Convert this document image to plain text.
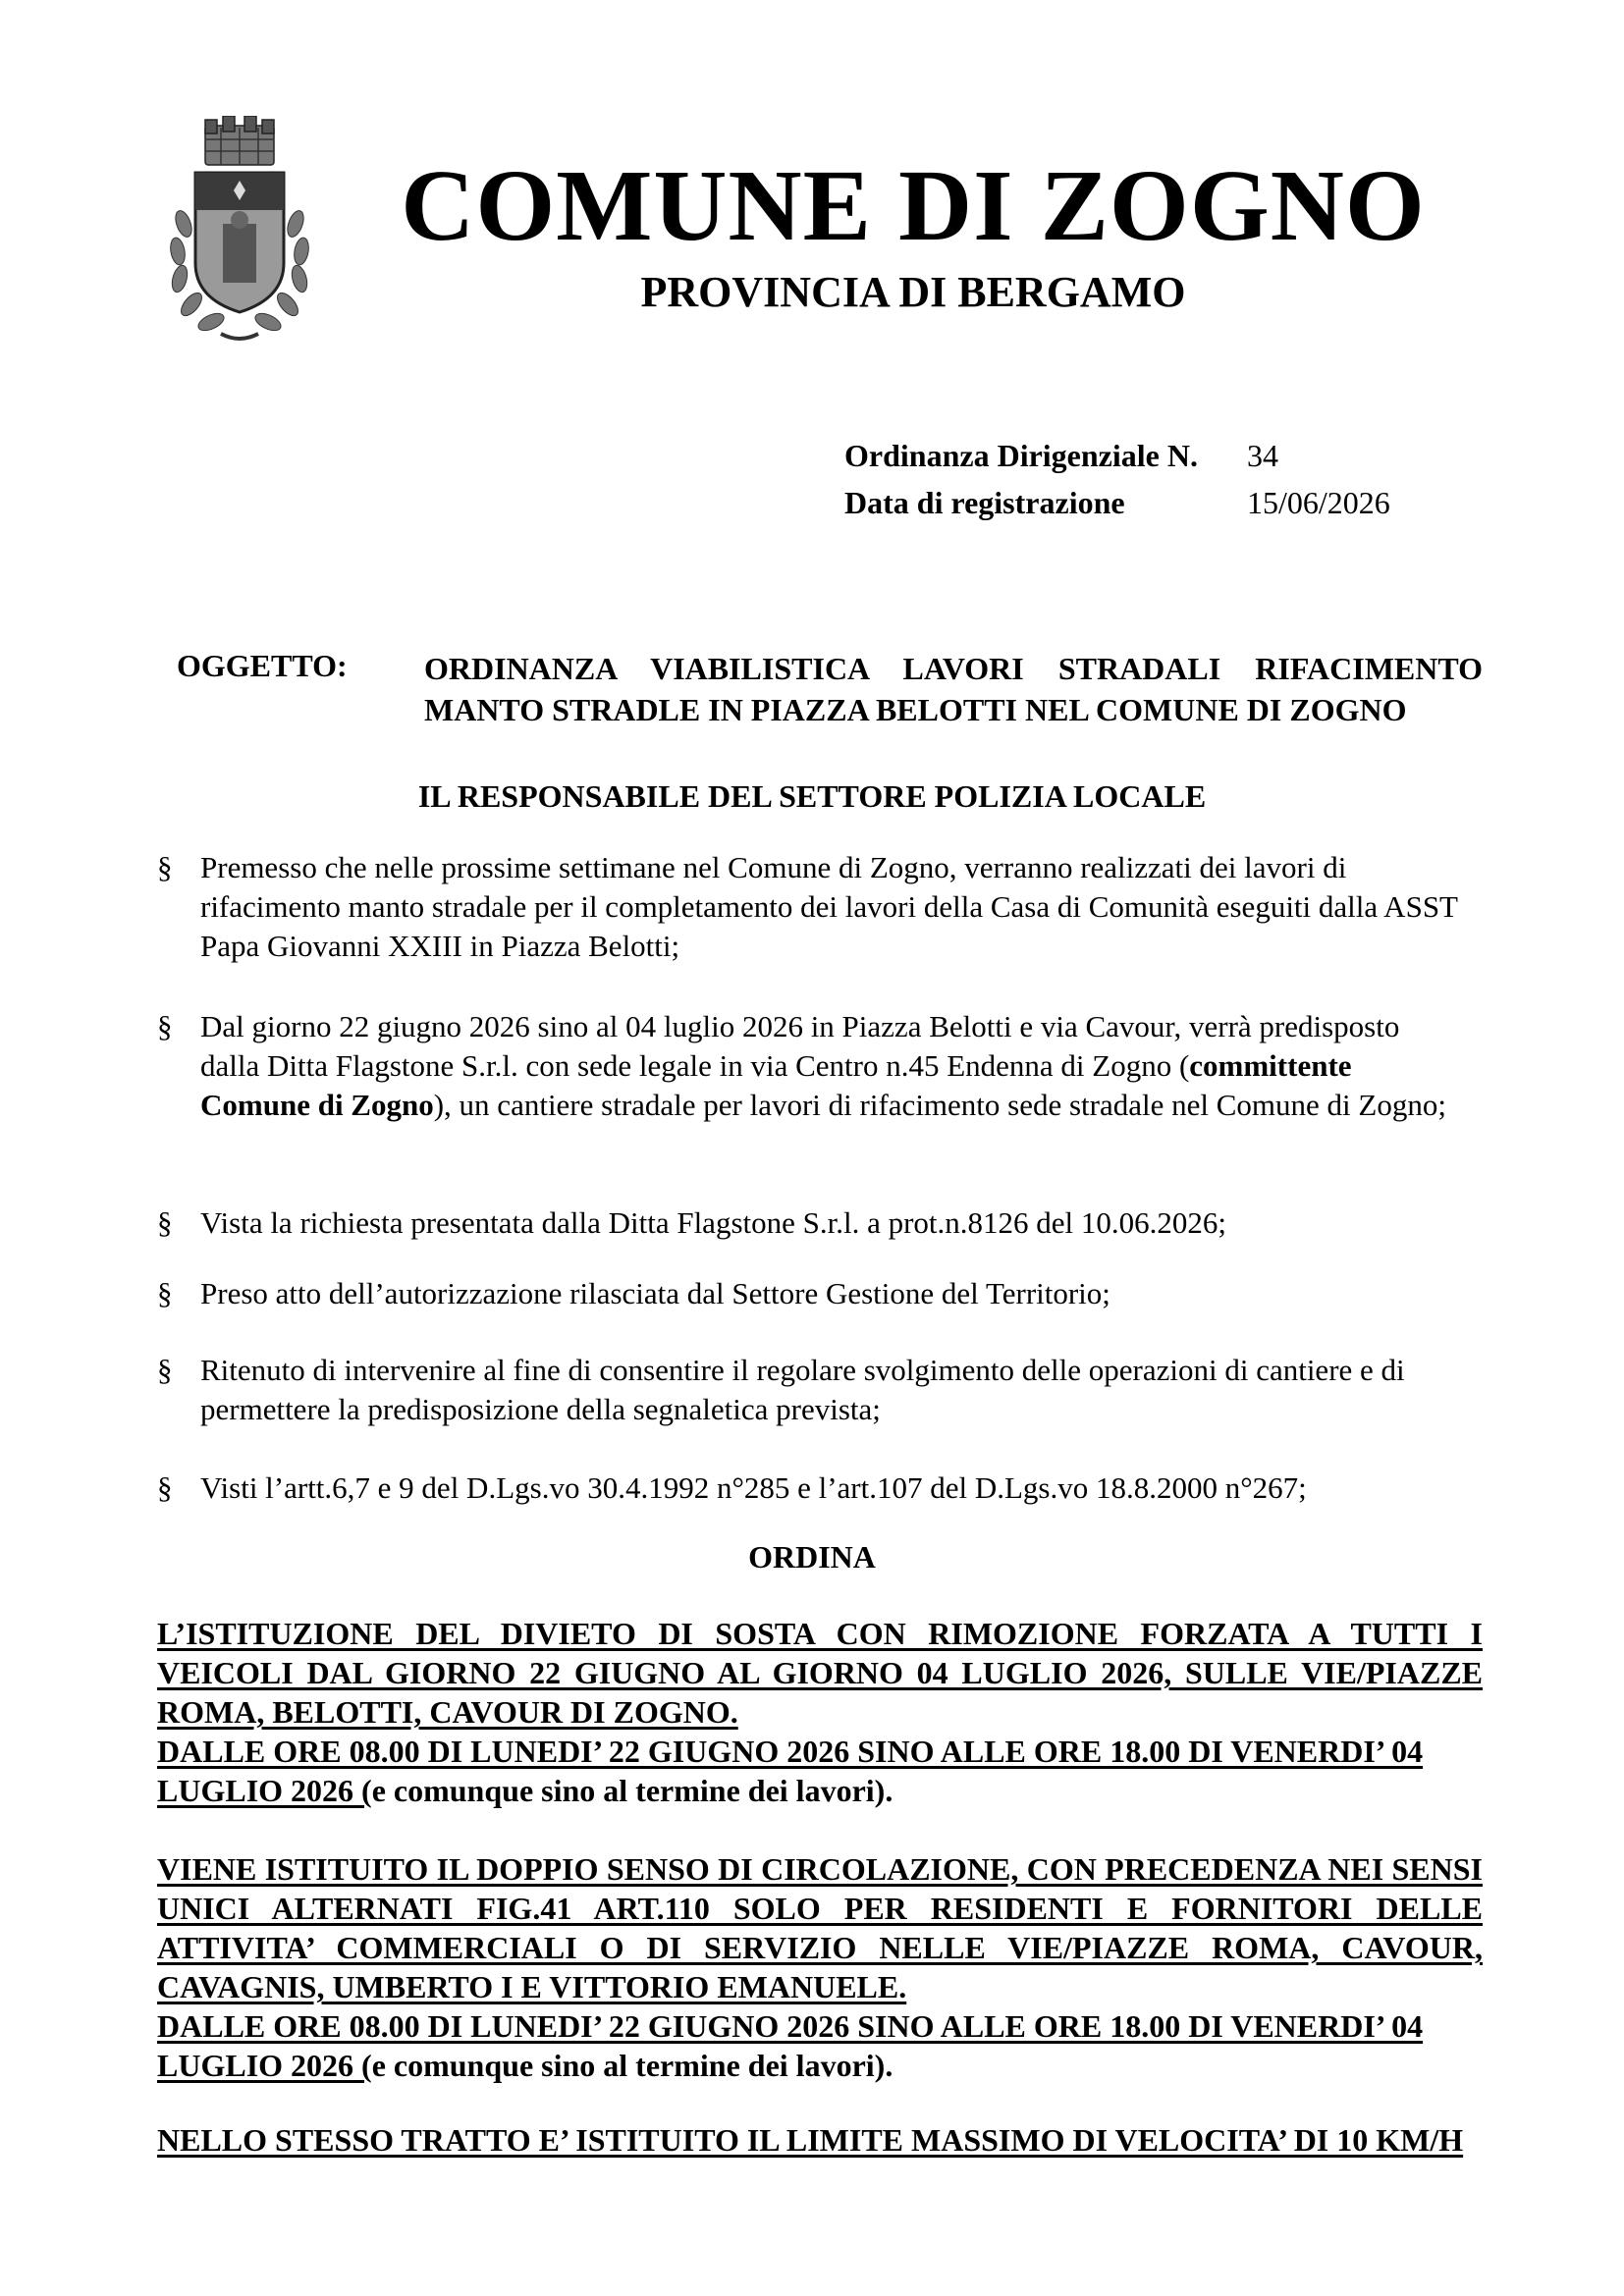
COMUNE DI ZOGNO
PROVINCIA DI BERGAMO
Ordinanza Dirigenziale N.	34
Data di registrazione	15/06/2026
OGGETTO: ORDINANZA VIABILISTICA LAVORI STRADALI RIFACIMENTO
MANTO STRADLE IN PIAZZA BELOTTI NEL COMUNE DI ZOGNO
IL RESPONSABILE DEL SETTORE POLIZIA LOCALE
§ Premesso che nelle prossime settimane nel Comune di Zogno, verranno realizzati dei lavori di rifacimento manto stradale per il completamento dei lavori della Casa di Comunità eseguiti dalla ASST Papa Giovanni XXIII in Piazza Belotti;
§ Dal giorno 22 giugno 2026 sino al 04 luglio 2026 in Piazza Belotti e via Cavour, verrà predisposto dalla Ditta Flagstone S.r.l. con sede legale in via Centro n.45 Endenna di Zogno (committente Comune di Zogno), un cantiere stradale per lavori di rifacimento sede stradale nel Comune di Zogno;
§ Vista la richiesta presentata dalla Ditta Flagstone S.r.l. a prot.n.8126 del 10.06.2026;
§ Preso atto dell’autorizzazione rilasciata dal Settore Gestione del Territorio;
§ Ritenuto di intervenire al fine di consentire il regolare svolgimento delle operazioni di cantiere e di permettere la predisposizione della segnaletica prevista;
§ Visti l’artt.6,7 e 9 del D.Lgs.vo 30.4.1992 n°285 e l’art.107 del D.Lgs.vo 18.8.2000 n°267;
ORDINA

L’ISTITUZIONE DEL DIVIETO DI SOSTA CON RIMOZIONE FORZATA A TUTTI I VEICOLI DAL GIORNO 22 GIUGNO AL GIORNO 04 LUGLIO 2026, SULLE VIE/PIAZZE ROMA, BELOTTI, CAVOUR DI ZOGNO.

DALLE ORE 08.00 DI LUNEDI’ 22 GIUGNO 2026 SINO ALLE ORE 18.00 DI VENERDI’ 04 LUGLIO 2026 (e comunque sino al termine dei lavori).

VIENE ISTITUITO IL DOPPIO SENSO DI CIRCOLAZIONE, CON PRECEDENZA NEI SENSI UNICI ALTERNATI FIG.41 ART.110 SOLO PER RESIDENTI E FORNITORI DELLE ATTIVITA’ COMMERCIALI O DI SERVIZIO NELLE VIE/PIAZZE ROMA, CAVOUR, CAVAGNIS, UMBERTO I E VITTORIO EMANUELE.

DALLE ORE 08.00 DI LUNEDI’ 22 GIUGNO 2026 SINO ALLE ORE 18.00 DI VENERDI’ 04 LUGLIO 2026 (e comunque sino al termine dei lavori).

NELLO STESSO TRATTO E’ ISTITUITO IL LIMITE MASSIMO DI VELOCITA’ DI 10 KM/H
